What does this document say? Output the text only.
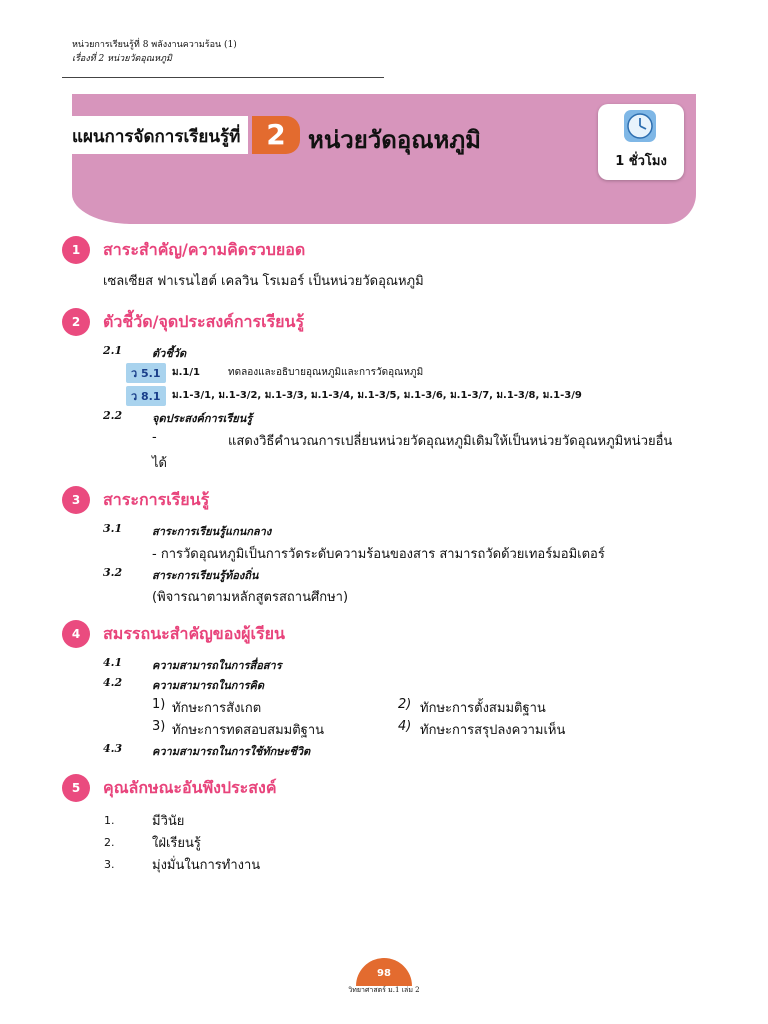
หน่วยการเรียนรู้ที่ 8 พลังงานความร้อน (1)
เรื่องที่ 2 หน่วยวัดอุณหภูมิ
แผนการจัดการเรียนรู้ที่ 2 หน่วยวัดอุณหภูมิ
1 ชั่วโมง
1	สาระสำคัญ/ความคิดรวบยอด
เซลเซียส ฟาเรนไฮต์ เคลวิน โรเมอร์ เป็นหน่วยวัดอุณหภูมิ
2	ตัวชี้วัด/จุดประสงค์การเรียนรู้
2.1	ตัวชี้วัด
ว 5.1	ม.1/1	ทดลองและอธิบายอุณหภูมิและการวัดอุณหภูมิ
ว 8.1	ม.1-3/1, ม.1-3/2, ม.1-3/3, ม.1-3/4, ม.1-3/5, ม.1-3/6, ม.1-3/7, ม.1-3/8, ม.1-3/9
2.2	จุดประสงค์การเรียนรู้
-	แสดงวิธีคำนวณการเปลี่ยนหน่วยวัดอุณหภูมิเดิมให้เป็นหน่วยวัดอุณหภูมิหน่วยอื่น
ได้
3	สาระการเรียนรู้
3.1	สาระการเรียนรู้แกนกลาง
- การวัดอุณหภูมิเป็นการวัดระดับความร้อนของสาร สามารถวัดด้วยเทอร์มอมิเตอร์
3.2	สาระการเรียนรู้ท้องถิ่น
(พิจารณาตามหลักสูตรสถานศึกษา)
4	สมรรถนะสำคัญของผู้เรียน
4.1	ความสามารถในการสื่อสาร
4.2	ความสามารถในการคิด
1) ทักษะการสังเกต	2) ทักษะการตั้งสมมติฐาน
3) ทักษะการทดสอบสมมติฐาน	4) ทักษะการสรุปลงความเห็น
4.3	ความสามารถในการใช้ทักษะชีวิต
5	คุณลักษณะอันพึงประสงค์
1.	มีวินัย
2.	ใฝ่เรียนรู้
3.	มุ่งมั่นในการทำงาน
98
วิทยาศาสตร์ ม.1 เล่ม 2
